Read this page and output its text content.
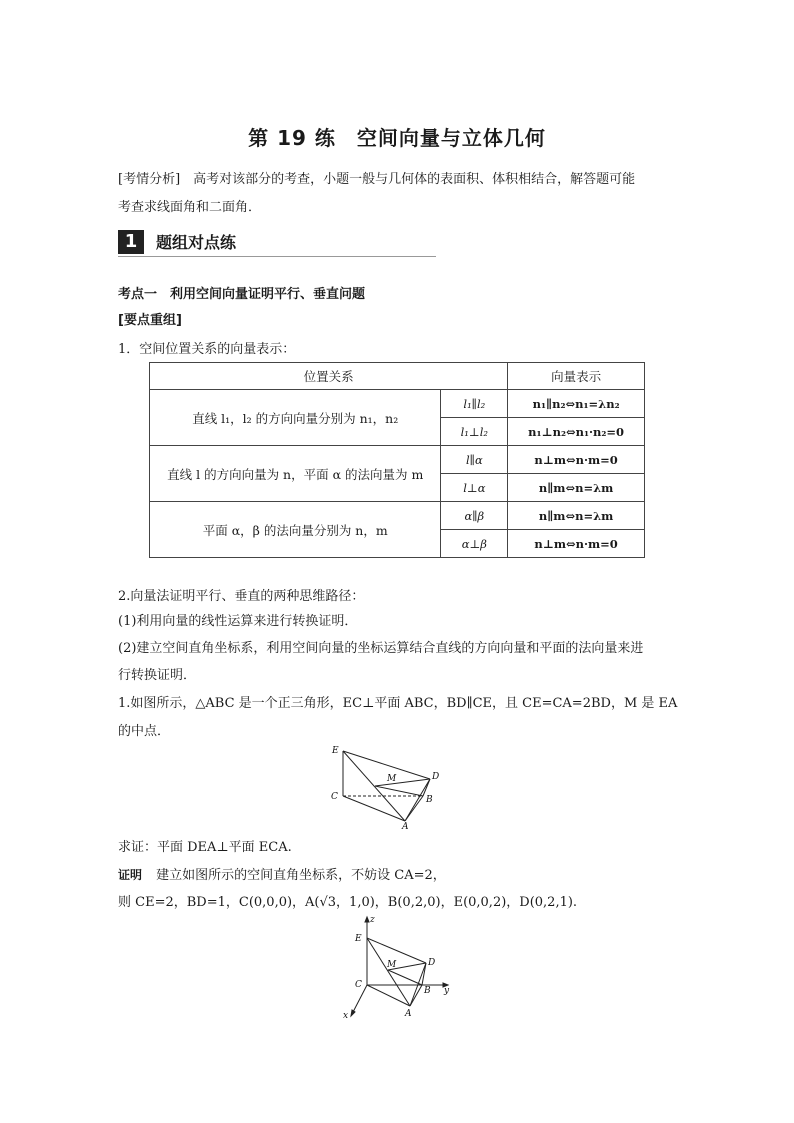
第 19 练　空间向量与立体几何
[考情分析]　高考对该部分的考查，小题一般与几何体的表面积、体积相结合，解答题可能
考查求线面角和二面角．
1	题组对点练
考点一　利用空间向量证明平行、垂直问题
[要点重组]
1．空间位置关系的向量表示：
位置关系		向量表示
直线 l₁，l₂ 的方向向量分别为 n₁，n₂	l₁∥l₂	n₁∥n₂⇔n₁=λn₂
	l₁⊥l₂	n₁⊥n₂⇔n₁·n₂=0
直线 l 的方向向量为 n，平面 α 的法向量为 m	l∥α	n⊥m⇔n·m=0
	l⊥α	n∥m⇔n=λm
平面 α，β 的法向量分别为 n，m	α∥β	n∥m⇔n=λm
	α⊥β	n⊥m⇔n·m=0
2.向量法证明平行、垂直的两种思维路径：
(1)利用向量的线性运算来进行转换证明．
(2)建立空间直角坐标系，利用空间向量的坐标运算结合直线的方向向量和平面的法向量来进
行转换证明．
1.如图所示，△ABC 是一个正三角形，EC⊥平面 ABC，BD∥CE，且 CE=CA=2BD，M 是 EA
的中点．
E
M	D
C	B
A
求证：平面 DEA⊥平面 ECA.
证明 建立如图所示的空间直角坐标系，不妨设 CA=2，
则 CE=2，BD=1，C(0,0,0)，A(√3，1,0)，B(0,2,0)，E(0,0,2)，D(0,2,1).
z
E
M	D
C
B y
x	A
